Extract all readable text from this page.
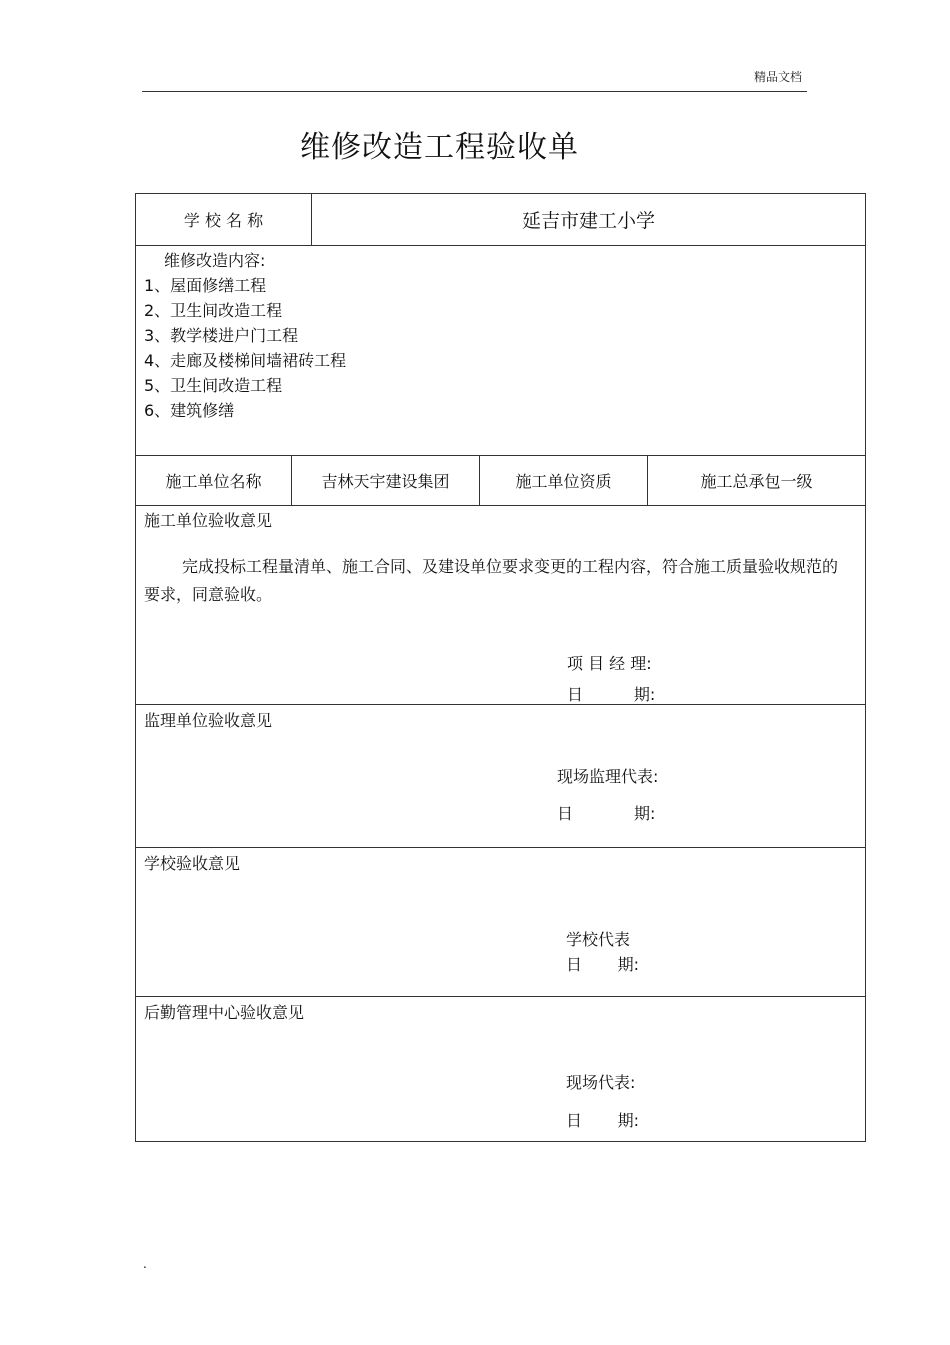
精品文档
维修改造工程验收单
学 校 名 称	延吉市建工小学
维修改造内容:
1、屋面修缮工程
2、卫生间改造工程
3、教学楼进户门工程
4、走廊及楼梯间墙裙砖工程
5、卫生间改造工程
6、建筑修缮
施工单位名称	吉林天宇建设集团	施工单位资质	施工总承包一级
施工单位验收意见
完成投标工程量清单、施工合同、及建设单位要求变更的工程内容，符合施工质量验收规范的要求，同意验收。
项 目 经 理:
日          期:
监理单位验收意见
现场监理代表:
日            期:
学校验收意见
学校代表
日       期:
后勤管理中心验收意见
现场代表:
日       期:
.
